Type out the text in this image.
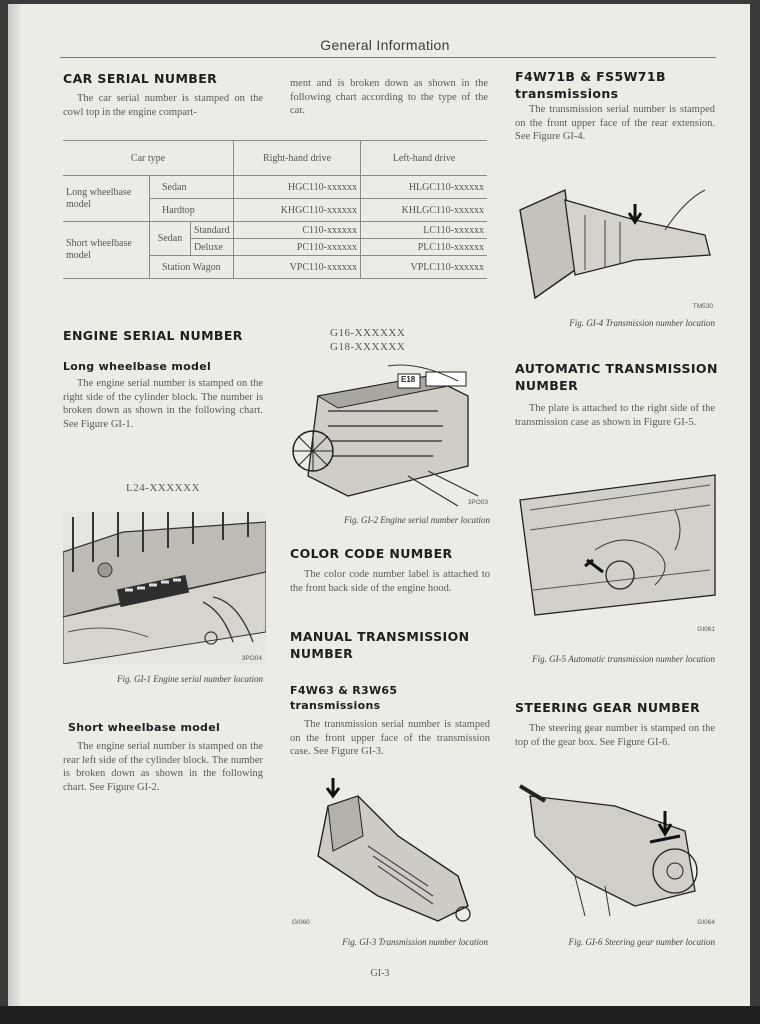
General Information
CAR SERIAL NUMBER

The car serial number is stamped on the cowl top in the engine compart-

ment and is broken down as shown in the following chart according to the type of the car.

Car type			Right-hand drive	Left-hand drive
Long wheelbase model	Sedan		HGC110-xxxxxx	HLGC110-xxxxxx
	Hardtop		KHGC110-xxxxxx	KHLGC110-xxxxxx
Short wheelbase model	Sedan	Standard	C110-xxxxxx	LC110-xxxxxx
		Deluxe	PC110-xxxxxx	PLC110-xxxxxx
	Station Wagon		VPC110-xxxxxx	VPLC110-xxxxxx
ENGINE SERIAL NUMBER
Long wheelbase model

The engine serial number is stamped on the right side of the cylinder block. The number is broken down as shown in the following chart. See Figure GI-1.

L24-XXXXXX
3PO04
Fig. GI-1 Engine serial number location
Short wheelbase model

The engine serial number is stamped on the rear left side of the cylinder block. The number is broken down as shown in the following chart. See Figure GI-2.

G16-XXXXXX
G18-XXXXXX
E18
3PO03
Fig. GI-2 Engine serial number location
COLOR CODE NUMBER

The color code number label is attached to the front back side of the engine hood.

MANUAL TRANSMISSION NUMBER
F4W63 & R3W65 transmissions

The transmission serial number is stamped on the front upper face of the transmission case. See Figure GI-3.

GI060
Fig. GI-3 Transmission number location
F4W71B & FS5W71B transmissions

The transmission serial number is stamped on the front upper face of the rear extension. See Figure GI-4.

TM530
Fig. GI-4 Transmission number location
AUTOMATIC TRANSMISSION NUMBER

The plate is attached to the right side of the transmission case as shown in Figure GI-5.

GI061
Fig. GI-5 Automatic transmission number location
STEERING GEAR NUMBER

The steering gear number is stamped on the top of the gear box. See Figure GI-6.

GI064
Fig. GI-6 Steering gear number location
GI-3
